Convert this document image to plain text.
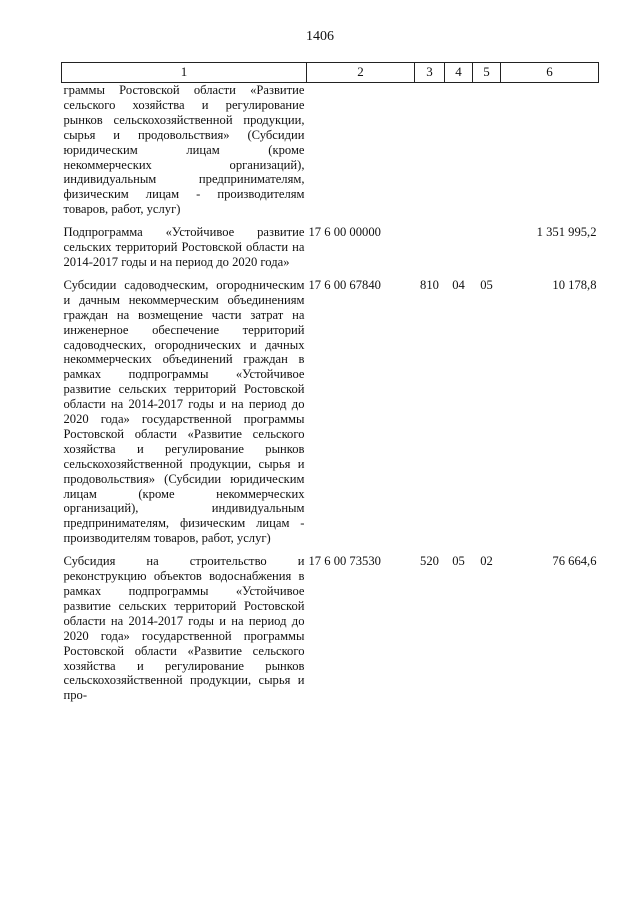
1406
1	2	3	4	5	6
граммы Ростовской области «Развитие сельского хозяйства и регулирование рынков сельскохозяйственной продукции, сырья и продовольствия» (Субсидии юридическим лицам (кроме некоммерческих организаций), индивидуальным предпринимателям, физическим лицам - производителям товаров, работ, услуг)					

Подпрограмма «Устойчивое развитие сельских территорий Ростовской области на 2014-2017 годы и на период до 2020 года»	17 6 00 00000				1 351 995,2

Субсидии садоводческим, огородническим и дачным некоммерческим объединениям граждан на возмещение части затрат на инженерное обеспечение территорий садоводческих, огороднических и дачных некоммерческих объединений граждан в рамках подпрограммы «Устойчивое развитие сельских территорий Ростовской области на 2014-2017 годы и на период до 2020 года» государственной программы Ростовской области «Развитие сельского хозяйства и регулирование рынков сельскохозяйственной продукции, сырья и продовольствия» (Субсидии юридическим лицам (кроме некоммерческих организаций), индивидуальным предпринимателям, физическим лицам - производителям товаров, работ, услуг)	17 6 00 67840	810	04	05	10 178,8

Субсидия на строительство и реконструкцию объектов водоснабжения в рамках подпрограммы «Устойчивое развитие сельских территорий Ростовской области на 2014-2017 годы и на период до 2020 года» государственной программы Ростовской области «Развитие сельского хозяйства и регулирование рынков сельскохозяйственной продукции, сырья и про-	17 6 00 73530	520	05	02	76 664,6
